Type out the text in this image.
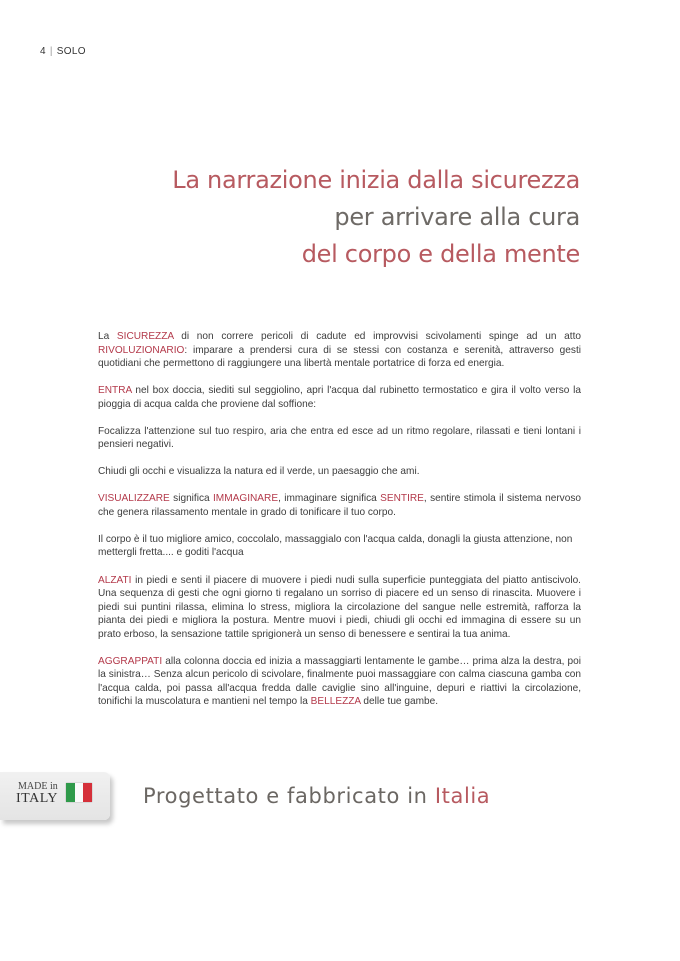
4 | SOLO
La narrazione inizia dalla sicurezza
per arrivare alla cura
del corpo e della mente

La SICUREZZA di non correre pericoli di cadute ed improvvisi scivolamenti spinge ad un atto RIVOLUZIONARIO: imparare a prendersi cura di se stessi con costanza e serenità, attraverso gesti quotidiani che permettono di raggiungere una libertà mentale portatrice di forza ed energia.

ENTRA nel box doccia, siediti sul seggiolino, apri l'acqua dal rubinetto termostatico e gira il volto verso la pioggia di acqua calda che proviene dal soffione:

Focalizza l'attenzione sul tuo respiro, aria che entra ed esce ad un ritmo regolare, rilassati e tieni lontani i pensieri negativi.

Chiudi gli occhi e visualizza la natura ed il verde, un paesaggio che ami.

VISUALIZZARE significa IMMAGINARE, immaginare significa SENTIRE, sentire stimola il sistema nervoso che genera rilassamento mentale in grado di tonificare il tuo corpo.

Il corpo è il tuo migliore amico, coccolalo, massaggialo con l'acqua calda, donagli la giusta attenzione, non mettergli fretta.... e goditi l'acqua

ALZATI in piedi e senti il piacere di muovere i piedi nudi sulla superficie punteggiata del piatto antiscivolo. Una sequenza di gesti che ogni giorno ti regalano un sorriso di piacere ed un senso di rinascita. Muovere i piedi sui puntini rilassa, elimina lo stress, migliora la circolazione del sangue nelle estremità, rafforza la pianta dei piedi e migliora la postura. Mentre muovi i piedi, chiudi gli occhi ed immagina di essere su un prato erboso, la sensazione tattile sprigionerà un senso di benessere e sentirai la tua anima.

AGGRAPPATI alla colonna doccia ed inizia a massaggiarti lentamente le gambe… prima alza la destra, poi la sinistra… Senza alcun pericolo di scivolare, finalmente puoi massaggiare con calma ciascuna gamba con l'acqua calda, poi passa all'acqua fredda dalle caviglie sino all'inguine, depuri e riattivi la circolazione, tonifichi la muscolatura e mantieni nel tempo la BELLEZZA delle tue gambe.

MADE in
ITALY	Progettato e fabbricato in Italia
